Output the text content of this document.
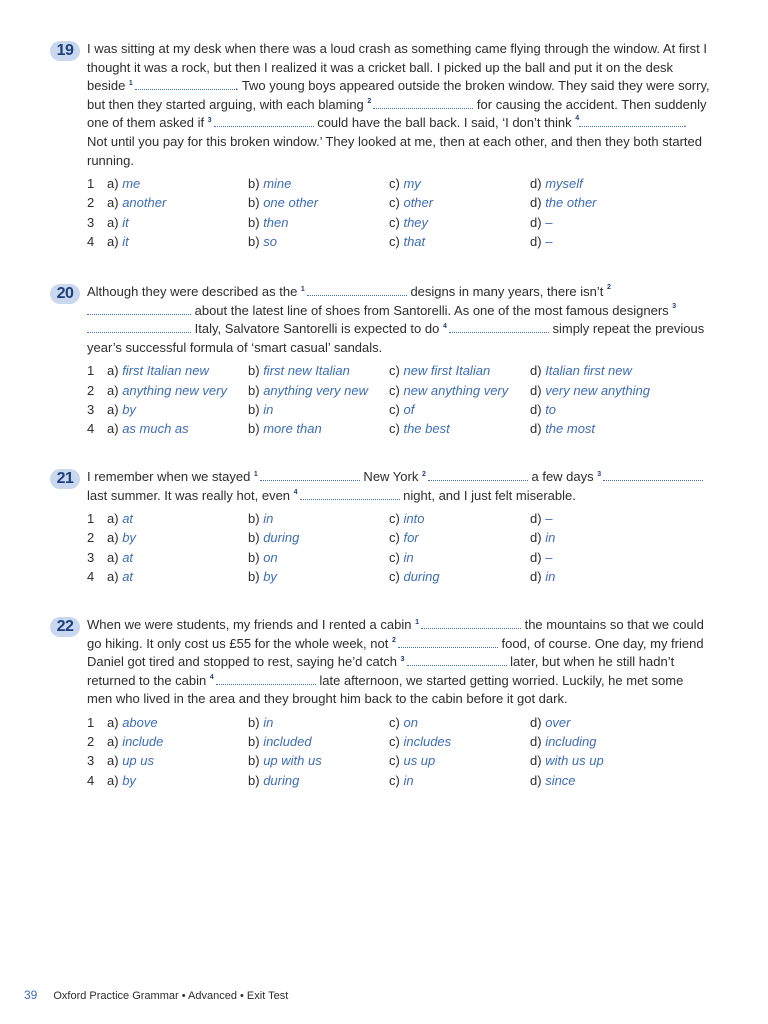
19	I was sitting at my desk when there was a loud crash as something came flying through the window. At first I thought it was a rock, but then I realized it was a cricket ball. I picked up the ball and put it on the desk beside $^1$	. Two young boys appeared outside the broken window. They said they were sorry, but then they started arguing, with each blaming $^2$	for causing the accident. Then suddenly one of them asked if $^3$	could have the ball back. I said, ‘I don’t think 4	. Not until you pay for this broken window.’ They looked at me, then at each other, and then they both started running.
1 a) me	b) mine	c) my	d) myself
2 a) another	b) one other	c) other	d) the other
3 a) it	b) then	c) they	d) –
4 a) it	b) so	c) that	d) –
20	Although they were described as the $^1$	designs in many years, there isn’t 2 about the latest line of shoes from Santorelli. As one of the most famous designers 3 Italy, Salvatore Santorelli is expected to do $^4$	simply repeat the previous year’s successful formula of ‘smart casual’ sandals.
1 a) first Italian new	b) first new Italian	c) new first Italian	d) Italian first new
2 a) anything new very	b) anything very new	c) new anything very	d) very new anything
3 a) by	b) in	c) of	d) to
4 a) as much as	b) more than	c) the best	d) the most
21	I remember when we stayed $^1$	New York $^2$	a few days $^3$ last summer. It was really hot, even $^4$	night, and I just felt miserable.
1 a) at	b) in	c) into	d) –
2 a) by	b) during	c) for	d) in
3 a) at	b) on	c) in	d) –
4 a) at	b) by	c) during	d) in
22	When we were students, my friends and I rented a cabin $^1$	the mountains so that we could go hiking. It only cost us £55 for the whole week, not $^2$	food, of course. One day, my friend Daniel got tired and stopped to rest, saying he’d catch $^3$	later, but when he still hadn’t returned to the cabin $^4$	late afternoon, we started getting worried. Luckily, he met some men who lived in the area and they brought him back to the cabin before it got dark.
1 a) above	b) in	c) on	d) over
2 a) include	b) included	c) includes	d) including
3 a) up us	b) up with us	c) us up	d) with us up
4 a) by	b) during	c) in	d) since
39 Oxford Practice Grammar • Advanced • Exit Test
